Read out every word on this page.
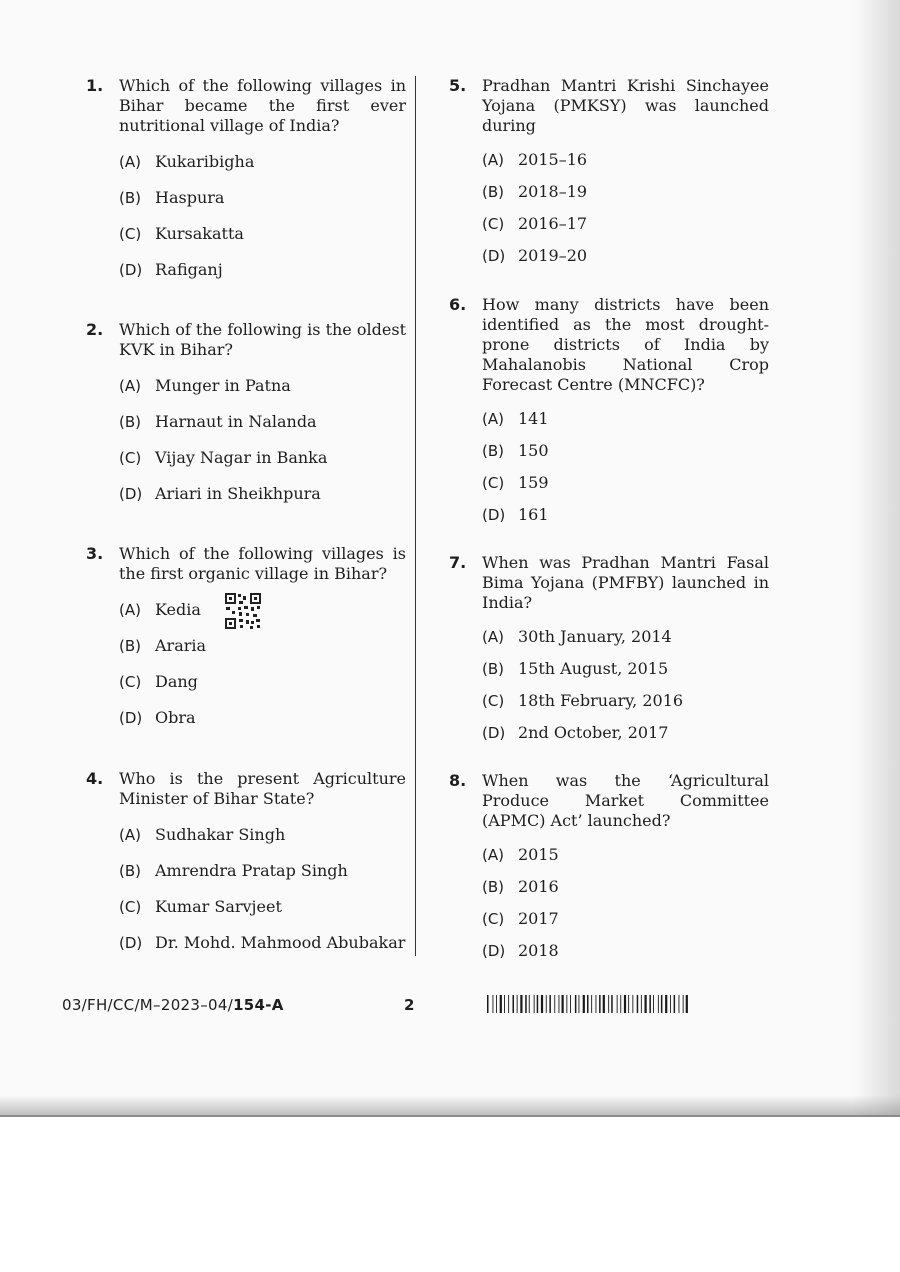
1. Which of the following villages in Bihar became the first ever nutritional village of India?
(A) Kukaribigha
(B) Haspura
(C) Kursakatta
(D) Rafiganj
2. Which of the following is the oldest KVK in Bihar?
(A) Munger in Patna
(B) Harnaut in Nalanda
(C) Vijay Nagar in Banka
(D) Ariari in Sheikhpura
3. Which of the following villages is the first organic village in Bihar?
(A) Kedia
(B) Araria
(C) Dang
(D) Obra
4. Who is the present Agriculture Minister of Bihar State?
(A) Sudhakar Singh
(B) Amrendra Pratap Singh
(C) Kumar Sarvjeet
(D) Dr. Mohd. Mahmood Abubakar
5. Pradhan Mantri Krishi Sinchayee Yojana (PMKSY) was launched during
(A) 2015–16
(B) 2018–19
(C) 2016–17
(D) 2019–20
6. How many districts have been identified as the most drought-prone districts of India by Mahalanobis National Crop Forecast Centre (MNCFC)?
(A) 141
(B) 150
(C) 159
(D) 161
7. When was Pradhan Mantri Fasal Bima Yojana (PMFBY) launched in India?
(A) 30th January, 2014
(B) 15th August, 2015
(C) 18th February, 2016
(D) 2nd October, 2017
8. When was the ‘Agricultural Produce Market Committee (APMC) Act’ launched?
(A) 2015
(B) 2016
(C) 2017
(D) 2018
03/FH/CC/M–2023–04/154-A	2
